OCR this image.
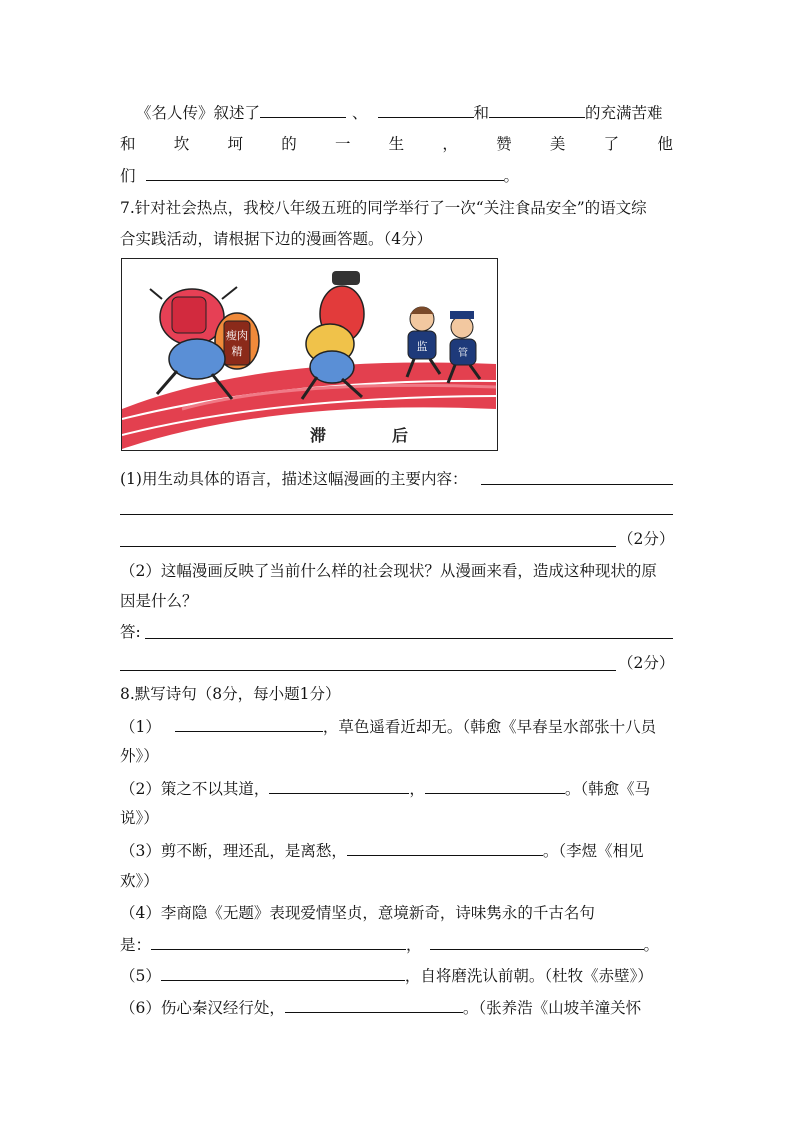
《名人传》叙述了	、	和	的充满苦难
和 坎 坷 的 一 生 ， 赞 美 了 他
们	。
7.针对社会热点，我校八年级五班的同学举行了一次“关注食品安全”的语文综
合实践活动，请根据下边的漫画答题。（4分）
瘦肉
精	监
管
滞	后
(1)用生动具体的语言，描述这幅漫画的主要内容：
（2分）
（2）这幅漫画反映了当前什么样的社会现状？从漫画来看，造成这种现状的原
因是什么？
答:
（2分）
8.默写诗句（8分，每小题1分）
（1）	，草色遥看近却无。（韩愈《早春呈水部张十八员
外》）
（2）策之不以其道，	，	。（韩愈《马
说》）
（3）剪不断，理还乱，是离愁，	。（李煜《相见
欢》）
（4）李商隐《无题》表现爱情坚贞，意境新奇，诗味隽永的千古名句
是：	，	。
（5）	，自将磨洗认前朝。（杜牧《赤壁》）
（6）伤心秦汉经行处，	。（张养浩《山坡羊潼关怀
